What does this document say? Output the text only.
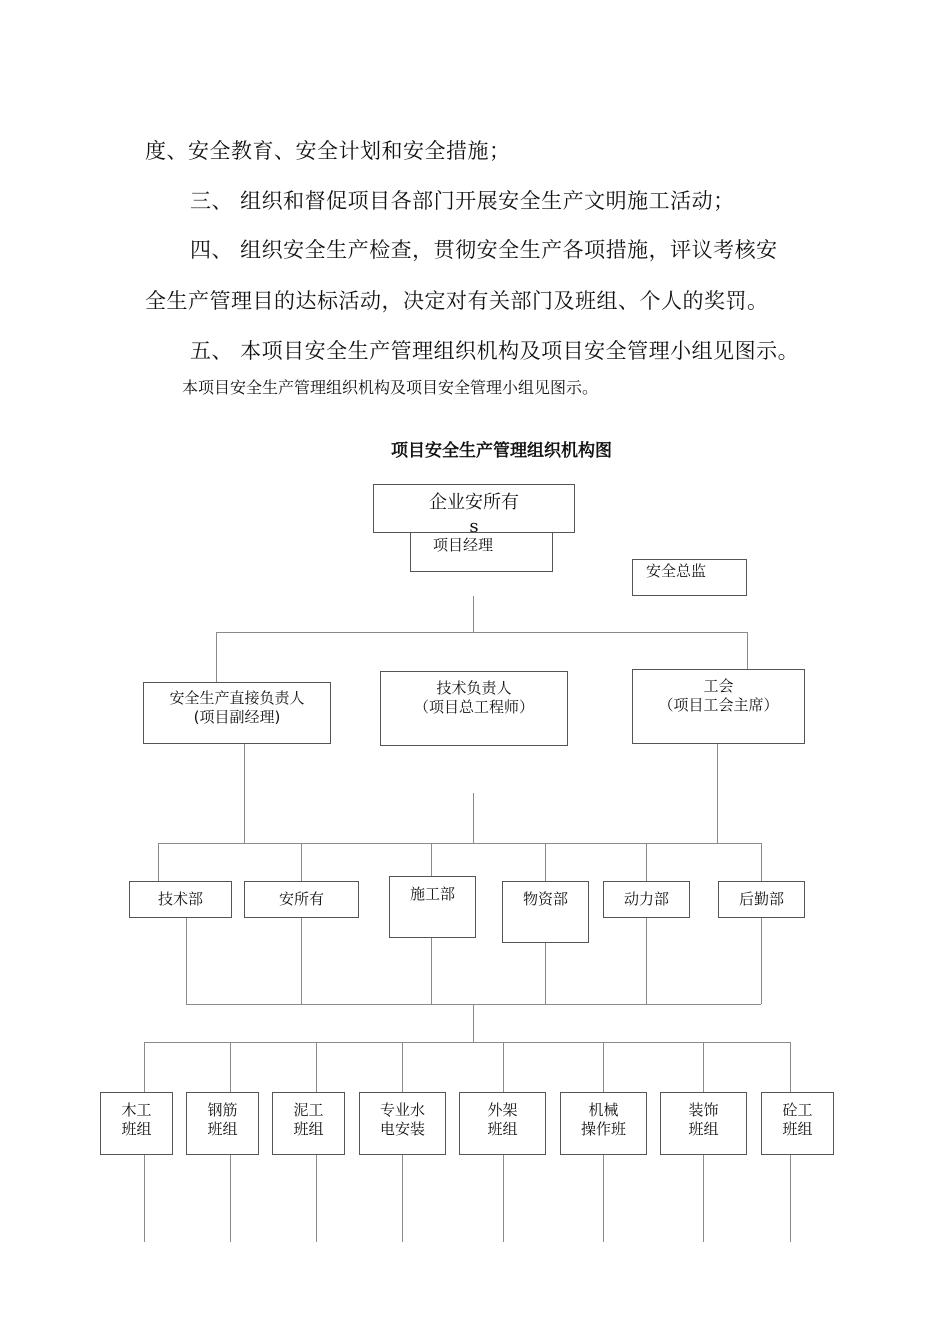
度、安全教育、安全计划和安全措施；

三、 组织和督促项目各部门开展安全生产文明施工活动；

四、 组织安全生产检查，贯彻安全生产各项措施，评议考核安

全生产管理目的达标活动，决定对有关部门及班组、个人的奖罚。

五、 本项目安全生产管理组织机构及项目安全管理小组见图示。

本项目安全生产管理组织机构及项目安全管理小组见图示。
项目安全生产管理组织机构图
企业安所有
s
项目经理
安全总监
安全生产直接负责人
(项目副经理)
技术负责人
（项目总工程师）
工会
（项目工会主席）
技术部	安所有	施工部	物资部	动力部	后勤部
木工
班组
钢筋
班组
泥工
班组
专业水
电安装
外架
班组
机械
操作班
装饰
班组
砼工
班组
